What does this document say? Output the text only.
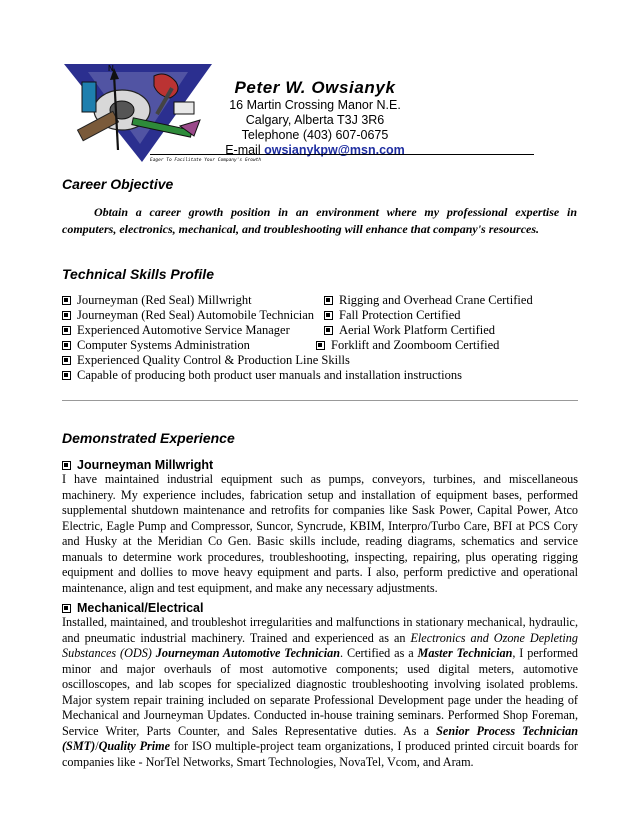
N
Eager To Facilitate Your Company's Growth
Peter W. Owsianyk
16 Martin Crossing Manor N.E.
Calgary, Alberta T3J 3R6
Telephone (403) 607-0675
E-mail owsianykpw@msn.com
Career Objective
Obtain a career growth position in an environment where my professional expertise in computers, electronics, mechanical, and troubleshooting will enhance that company's resources.
Technical Skills Profile
Journeyman (Red Seal) Millwright
Journeyman (Red Seal) Automobile Technician
Experienced Automotive Service Manager
Computer Systems Administration
Rigging and Overhead Crane Certified
Fall Protection Certified
Aerial Work Platform Certified
Forklift and Zoomboom Certified
Experienced Quality Control & Production Line Skills
Capable of producing both product user manuals and installation instructions
Demonstrated Experience
Journeyman Millwright
I have maintained industrial equipment such as pumps, conveyors, turbines, and miscellaneous machinery. My experience includes, fabrication setup and installation of equipment bases, performed supplemental shutdown maintenance and retrofits for companies like Sask Power, Capital Power, Atco Electric, Eagle Pump and Compressor, Suncor, Syncrude, KBIM, Interpro/Turbo Care, BFI at PCS Cory and Husky at the Meridian Co Gen. Basic skills include, reading diagrams, schematics and service manuals to determine work procedures, troubleshooting, inspecting, repairing, plus operating rigging equipment and dollies to move heavy equipment and parts. I also, perform predictive and operational maintenance, align and test equipment, and make any necessary adjustments.
Mechanical/Electrical
Installed, maintained, and troubleshot irregularities and malfunctions in stationary mechanical, hydraulic, and pneumatic industrial machinery. Trained and experienced as an Electronics and Ozone Depleting Substances (ODS) Journeyman Automotive Technician. Certified as a Master Technician, I performed minor and major overhauls of most automotive components; used digital meters, automotive oscilloscopes, and lab scopes for specialized diagnostic troubleshooting involving isolated problems. Major system repair training included on separate Professional Development page under the heading of Mechanical and Journeyman Updates. Conducted in-house training seminars. Performed Shop Foreman, Service Writer, Parts Counter, and Sales Representative duties. As a Senior Process Technician (SMT)/Quality Prime for ISO multiple-project team organizations, I produced printed circuit boards for companies like - NorTel Networks, Smart Technologies, NovaTel, Vcom, and Aram.
